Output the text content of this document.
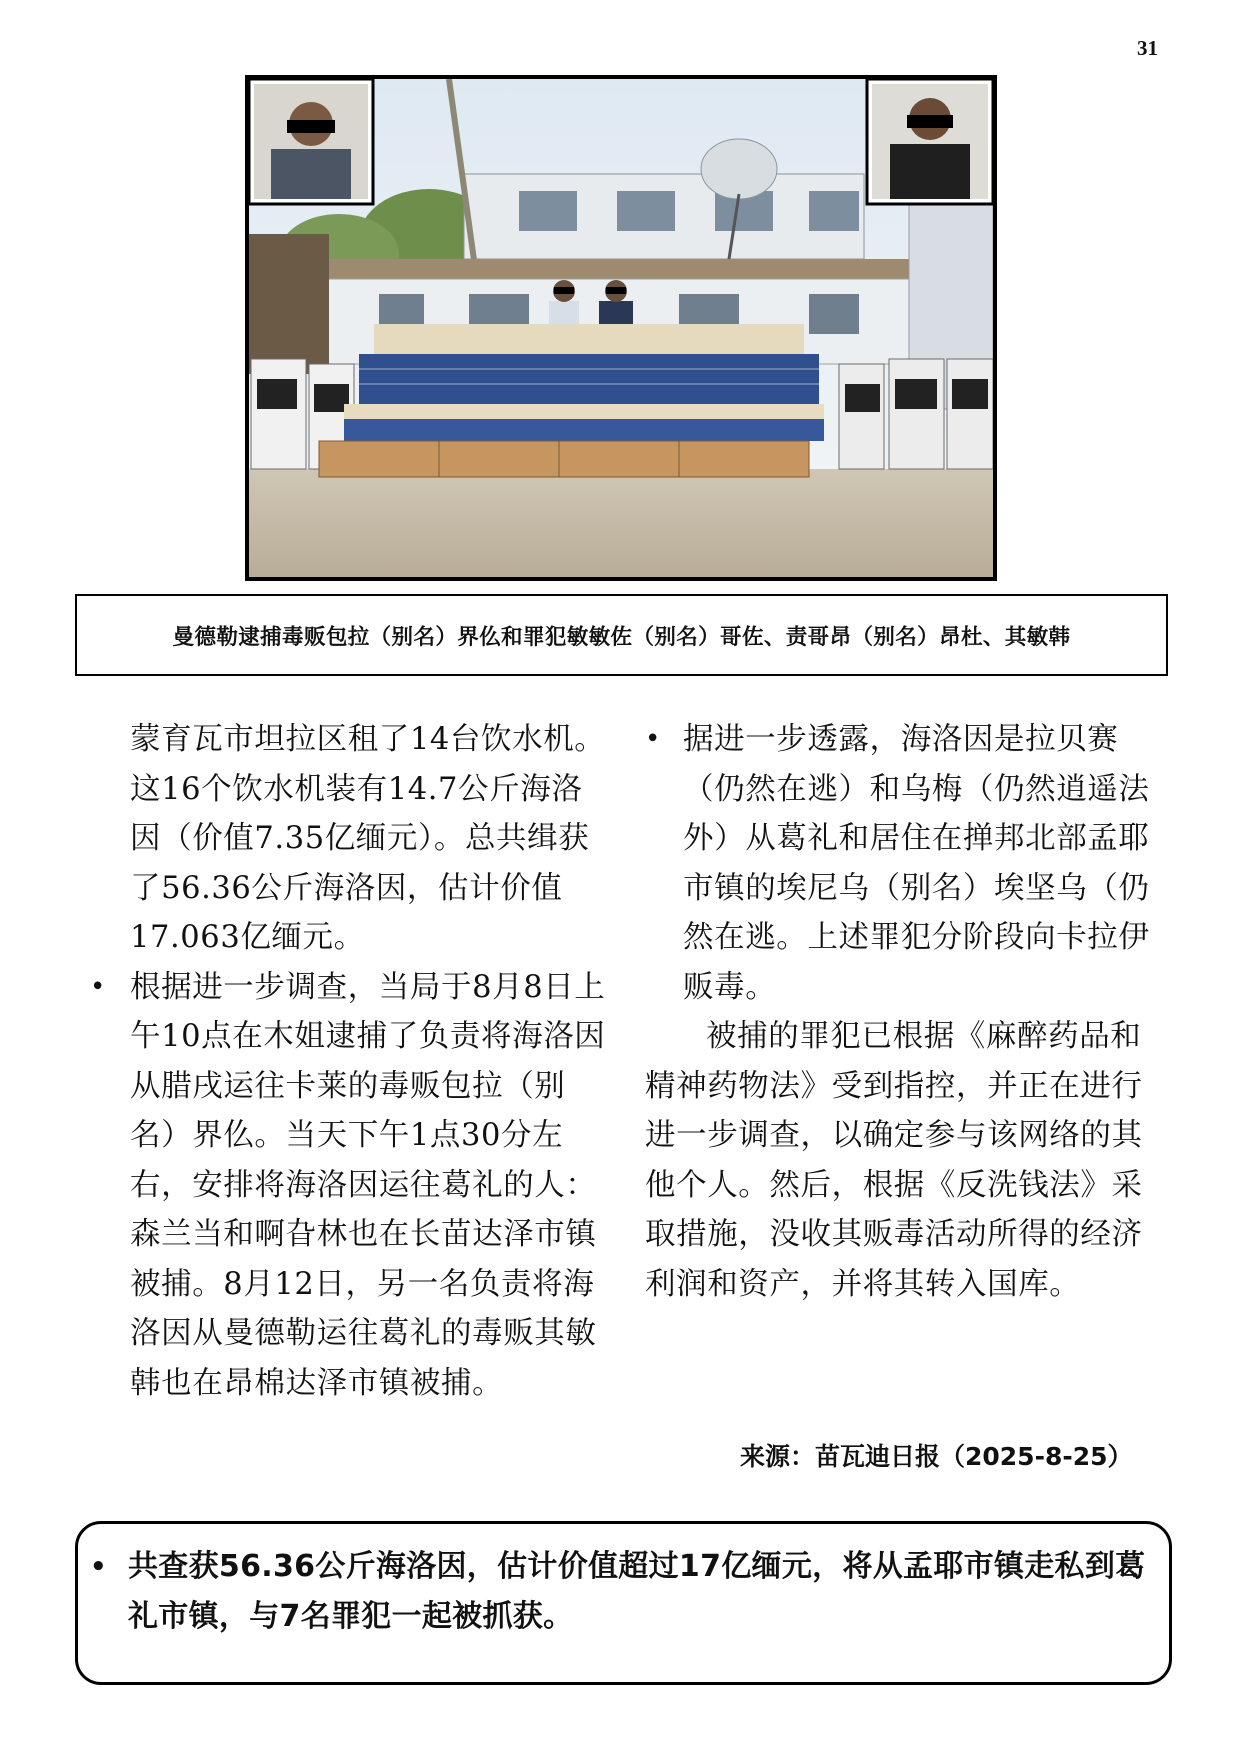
31
曼德勒逮捕毒贩包拉（别名）界仫和罪犯敏敏佐（别名）哥佐、责哥昂（别名）昂杜、其敏韩

蒙育瓦市坦拉区租了14台饮水机。这16个饮水机装有14.7公斤海洛因（价值7.35亿缅元）。总共缉获了56.36公斤海洛因，估计价值17.063亿缅元。

• 根据进一步调查，当局于8月8日上午10点在木姐逮捕了负责将海洛因从腊戌运往卡莱的毒贩包拉（别名）界仫。当天下午1点30分左右，安排将海洛因运往葛礼的人：森兰当和啊旮林也在长苗达泽市镇被捕。8月12日，另一名负责将海洛因从曼德勒运往葛礼的毒贩其敏韩也在昂棉达泽市镇被捕。

• 据进一步透露，海洛因是拉贝赛（仍然在逃）和乌梅（仍然逍遥法外）从葛礼和居住在掸邦北部孟耶市镇的埃尼乌（别名）埃坚乌（仍然在逃。上述罪犯分阶段向卡拉伊贩毒。

被捕的罪犯已根据《麻醉药品和精神药物法》受到指控，并正在进行进一步调查，以确定参与该网络的其他个人。然后，根据《反洗钱法》采取措施，没收其贩毒活动所得的经济利润和资产，并将其转入国库。

来源：苗瓦迪日报（2025-8-25）
• 共查获56.36公斤海洛因，估计价值超过17亿缅元，将从孟耶市镇走私到葛礼市镇，与7名罪犯一起被抓获。
